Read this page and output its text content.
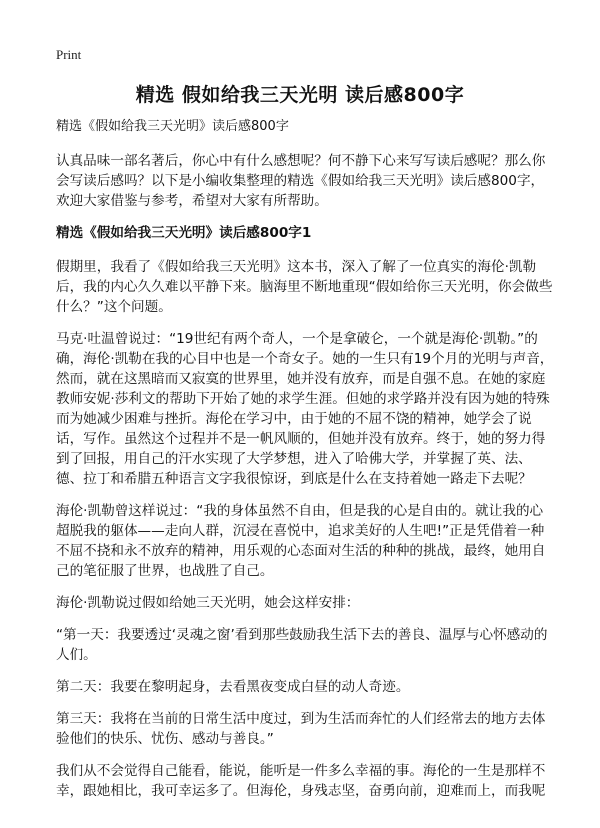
Print
精选 假如给我三天光明 读后感800字

精选《假如给我三天光明》读后感800字

认真品味一部名著后，你心中有什么感想呢？何不静下心来写写读后感呢？那么你会写读后感吗？以下是小编收集整理的精选《假如给我三天光明》读后感800字，欢迎大家借鉴与参考，希望对大家有所帮助。

精选《假如给我三天光明》读后感800字1

假期里，我看了《假如给我三天光明》这本书，深入了解了一位真实的海伦·凯勒后，我的内心久久难以平静下来。脑海里不断地重现“假如给你三天光明，你会做些什么？”这个问题。

马克·吐温曾说过：“19世纪有两个奇人，一个是拿破仑，一个就是海伦·凯勒。”的确，海伦·凯勒在我的心目中也是一个奇女子。她的一生只有19个月的光明与声音，然而，就在这黑暗而又寂寞的世界里，她并没有放弃，而是自强不息。在她的家庭教师安妮·莎利文的帮助下开始了她的求学生涯。但她的求学路并没有因为她的特殊而为她减少困难与挫折。海伦在学习中，由于她的不屈不饶的精神，她学会了说话，写作。虽然这个过程并不是一帆风顺的，但她并没有放弃。终于，她的努力得到了回报，用自己的汗水实现了大学梦想，进入了哈佛大学，并掌握了英、法、德、拉丁和希腊五种语言文字我很惊讶，到底是什么在支持着她一路走下去呢？

海伦·凯勒曾这样说过：“我的身体虽然不自由，但是我的心是自由的。就让我的心超脱我的躯体——走向人群，沉浸在喜悦中，追求美好的人生吧!”正是凭借着一种不屈不挠和永不放弃的精神，用乐观的心态面对生活的种种的挑战，最终，她用自己的笔征服了世界，也战胜了自己。

海伦·凯勒说过假如给她三天光明，她会这样安排：

“第一天：我要透过‘灵魂之窗’看到那些鼓励我生活下去的善良、温厚与心怀感动的人们。

第二天：我要在黎明起身，去看黑夜变成白昼的动人奇迹。

第三天：我将在当前的日常生活中度过，到为生活而奔忙的人们经常去的地方去体验他们的快乐、忧伤、感动与善良。”

我们从不会觉得自己能看，能说，能听是一件多么幸福的事。海伦的一生是那样不幸，跟她相比，我可幸运多了。但海伦，身残志坚，奋勇向前，迎难而上，而我呢
